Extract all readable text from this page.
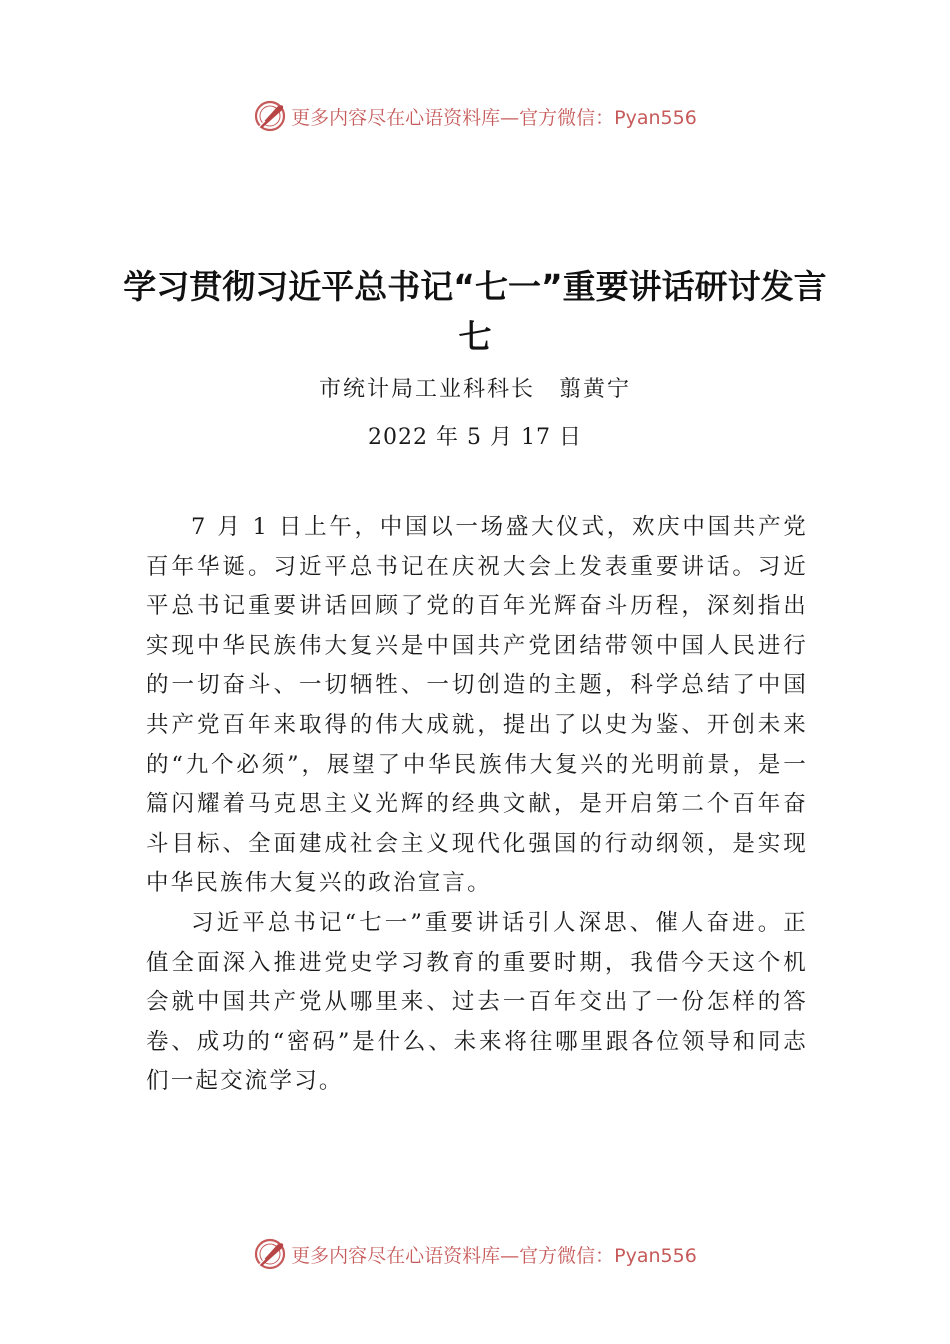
更多内容尽在心语资料库—官方微信：Pyan556
学习贯彻习近平总书记“七一”重要讲话研讨发言七
市统计局工业科科长　翦黄宁
2022 年 5 月 17 日

7 月 1 日上午，中国以一场盛大仪式，欢庆中国共产党百年华诞。习近平总书记在庆祝大会上发表重要讲话。习近平总书记重要讲话回顾了党的百年光辉奋斗历程，深刻指出实现中华民族伟大复兴是中国共产党团结带领中国人民进行的一切奋斗、一切牺牲、一切创造的主题，科学总结了中国共产党百年来取得的伟大成就，提出了以史为鉴、开创未来的“九个必须”，展望了中华民族伟大复兴的光明前景，是一篇闪耀着马克思主义光辉的经典文献，是开启第二个百年奋斗目标、全面建成社会主义现代化强国的行动纲领，是实现中华民族伟大复兴的政治宣言。

习近平总书记“七一”重要讲话引人深思、催人奋进。正值全面深入推进党史学习教育的重要时期，我借今天这个机会就中国共产党从哪里来、过去一百年交出了一份怎样的答卷、成功的“密码”是什么、未来将往哪里跟各位领导和同志们一起交流学习。

更多内容尽在心语资料库—官方微信：Pyan556
